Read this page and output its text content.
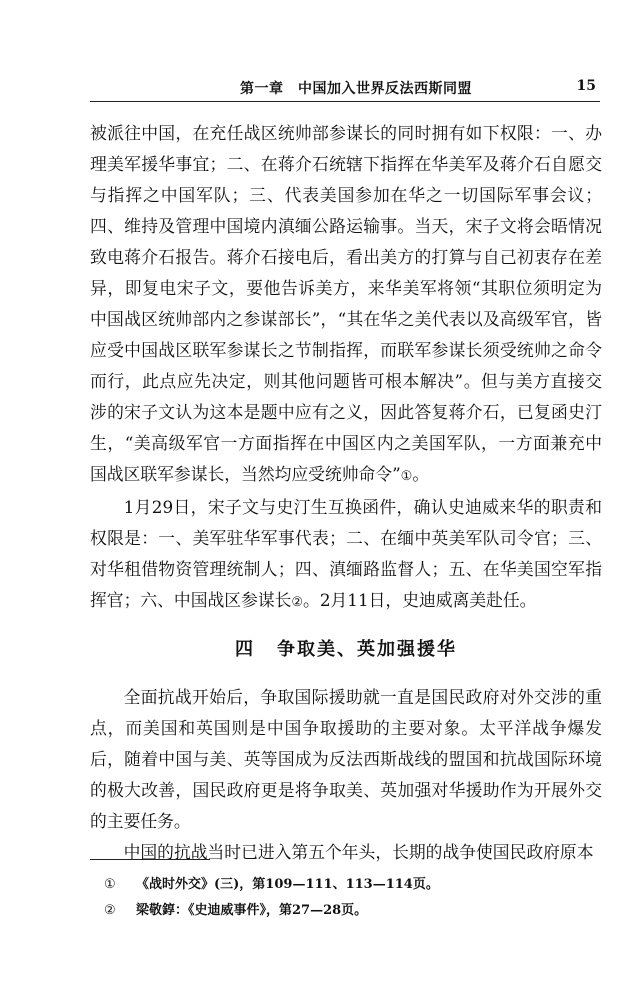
第一章　中国加入世界反法西斯同盟	15

被派往中国，在充任战区统帅部参谋长的同时拥有如下权限：一、办理美军援华事宜；二、在蒋介石统辖下指挥在华美军及蒋介石自愿交与指挥之中国军队；三、代表美国参加在华之一切国际军事会议；四、维持及管理中国境内滇缅公路运输事。当天，宋子文将会晤情况致电蒋介石报告。蒋介石接电后，看出美方的打算与自己初衷存在差异，即复电宋子文，要他告诉美方，来华美军将领“其职位须明定为中国战区统帅部内之参谋部长”，“其在华之美代表以及高级军官，皆应受中国战区联军参谋长之节制指挥，而联军参谋长须受统帅之命令而行，此点应先决定，则其他问题皆可根本解决”。但与美方直接交涉的宋子文认为这本是题中应有之义，因此答复蒋介石，已复函史汀生，“美高级军官一方面指挥在中国区内之美国军队，一方面兼充中国战区联军参谋长，当然均应受统帅命令”①。

1月29日，宋子文与史汀生互换函件，确认史迪威来华的职责和权限是：一、美军驻华军事代表；二、在缅中英美军队司令官；三、对华租借物资管理统制人；四、滇缅路监督人；五、在华美国空军指挥官；六、中国战区参谋长②。2月11日，史迪威离美赴任。

四 争取美、英加强援华

全面抗战开始后，争取国际援助就一直是国民政府对外交涉的重点，而美国和英国则是中国争取援助的主要对象。太平洋战争爆发后，随着中国与美、英等国成为反法西斯战线的盟国和抗战国际环境的极大改善，国民政府更是将争取美、英加强对华援助作为开展外交的主要任务。

中国的抗战当时已进入第五个年头，长期的战争使国民政府原本

① 《战时外交》(三)，第109—111、113—114页。
② 梁敬錞：《史迪威事件》，第27—28页。
